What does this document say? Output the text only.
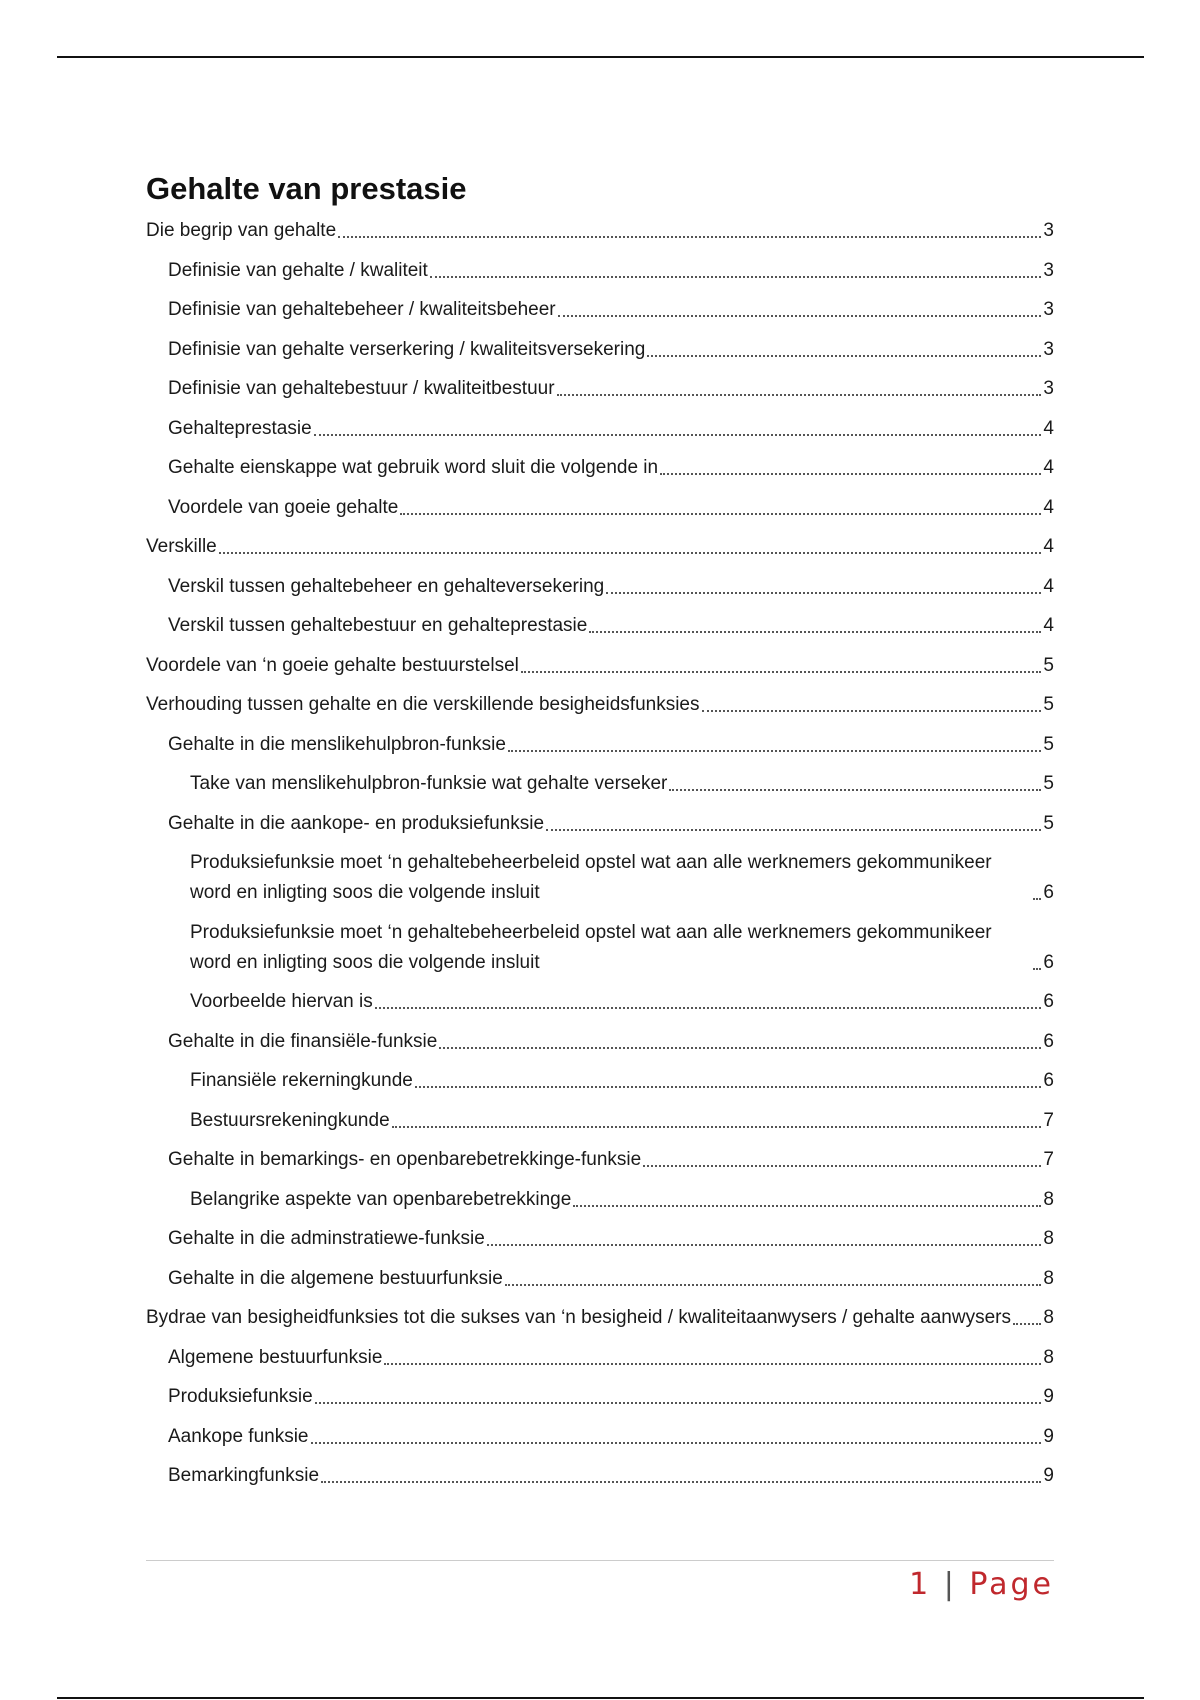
Gehalte van prestasie
Die begrip van gehalte	3
Definisie van gehalte / kwaliteit	3
Definisie van gehaltebeheer / kwaliteitsbeheer	3
Definisie van gehalte verserkering / kwaliteitsversekering	3
Definisie van gehaltebestuur / kwaliteitbestuur	3
Gehalteprestasie	4
Gehalte eienskappe wat gebruik word sluit die volgende in	4
Voordele van goeie gehalte	4
Verskille	4
Verskil tussen gehaltebeheer en gehalteversekering	4
Verskil tussen gehaltebestuur en gehalteprestasie	4
Voordele van ‘n goeie gehalte bestuurstelsel	5
Verhouding tussen gehalte en die verskillende besigheidsfunksies	5
Gehalte in die menslikehulpbron-funksie	5
Take van menslikehulpbron-funksie wat gehalte verseker	5
Gehalte in die aankope- en produksiefunksie	5
Produksiefunksie moet ‘n gehaltebeheerbeleid opstel wat aan alle werknemers gekommunikeer word en inligting soos die volgende insluit	6
Produksiefunksie moet ‘n gehaltebeheerbeleid opstel wat aan alle werknemers gekommunikeer word en inligting soos die volgende insluit	6
Voorbeelde hiervan is	6
Gehalte in die finansiële-funksie	6
Finansiële rekerningkunde	6
Bestuursrekeningkunde	7
Gehalte in bemarkings- en openbarebetrekkinge-funksie	7
Belangrike aspekte van openbarebetrekkinge	8
Gehalte in die adminstratiewe-funksie	8
Gehalte in die algemene bestuurfunksie	8
Bydrae van besigheidfunksies tot die sukses van ‘n besigheid / kwaliteitaanwysers / gehalte aanwysers 8
Algemene bestuurfunksie	8
Produksiefunksie	9
Aankope funksie	9
Bemarkingfunksie	9
1 | Page
